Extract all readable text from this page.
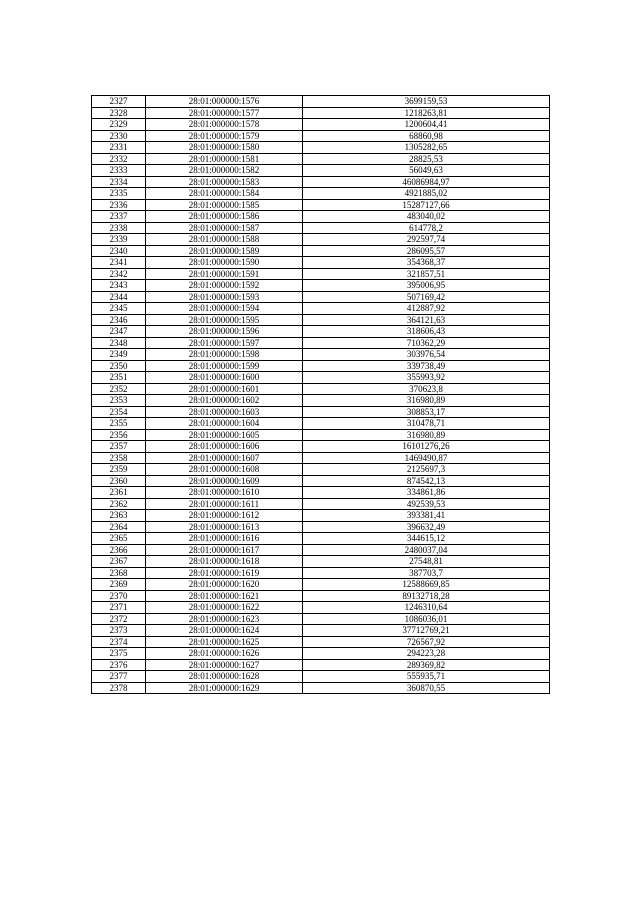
2327	28:01:000000:1576	3699159,53
2328	28:01:000000:1577	1218263,81
2329	28:01:000000:1578	1200604,41
2330	28:01:000000:1579	68860,98
2331	28:01:000000:1580	1305282,65
2332	28:01:000000:1581	28825,53
2333	28:01:000000:1582	56049,63
2334	28:01:000000:1583	46086984,97
2335	28:01:000000:1584	4921885,02
2336	28:01:000000:1585	15287127,66
2337	28:01:000000:1586	483040,02
2338	28:01:000000:1587	614778,2
2339	28:01:000000:1588	292597,74
2340	28:01:000000:1589	286095,57
2341	28:01:000000:1590	354368,37
2342	28:01:000000:1591	321857,51
2343	28:01:000000:1592	395006,95
2344	28:01:000000:1593	507169,42
2345	28:01:000000:1594	412887,92
2346	28:01:000000:1595	364121,63
2347	28:01:000000:1596	318606,43
2348	28:01:000000:1597	710362,29
2349	28:01:000000:1598	303976,54
2350	28:01:000000:1599	339738,49
2351	28:01:000000:1600	355993,92
2352	28:01:000000:1601	370623,8
2353	28:01:000000:1602	316980,89
2354	28:01:000000:1603	308853,17
2355	28:01:000000:1604	310478,71
2356	28:01:000000:1605	316980,89
2357	28:01:000000:1606	16101276,26
2358	28:01:000000:1607	1469490,87
2359	28:01:000000:1608	2125697,3
2360	28:01:000000:1609	874542,13
2361	28:01:000000:1610	334861,86
2362	28:01:000000:1611	492539,53
2363	28:01:000000:1612	393381,41
2364	28:01:000000:1613	396632,49
2365	28:01:000000:1616	344615,12
2366	28:01:000000:1617	2480037,04
2367	28:01:000000:1618	27548,81
2368	28:01:000000:1619	387703,7
2369	28:01:000000:1620	12588669,85
2370	28:01:000000:1621	89132718,28
2371	28:01:000000:1622	1246310,64
2372	28:01:000000:1623	1086036,01
2373	28:01:000000:1624	37712769,21
2374	28:01:000000:1625	726567,92
2375	28:01:000000:1626	294223,28
2376	28:01:000000:1627	289369,82
2377	28:01:000000:1628	555935,71
2378	28:01:000000:1629	360870,55
